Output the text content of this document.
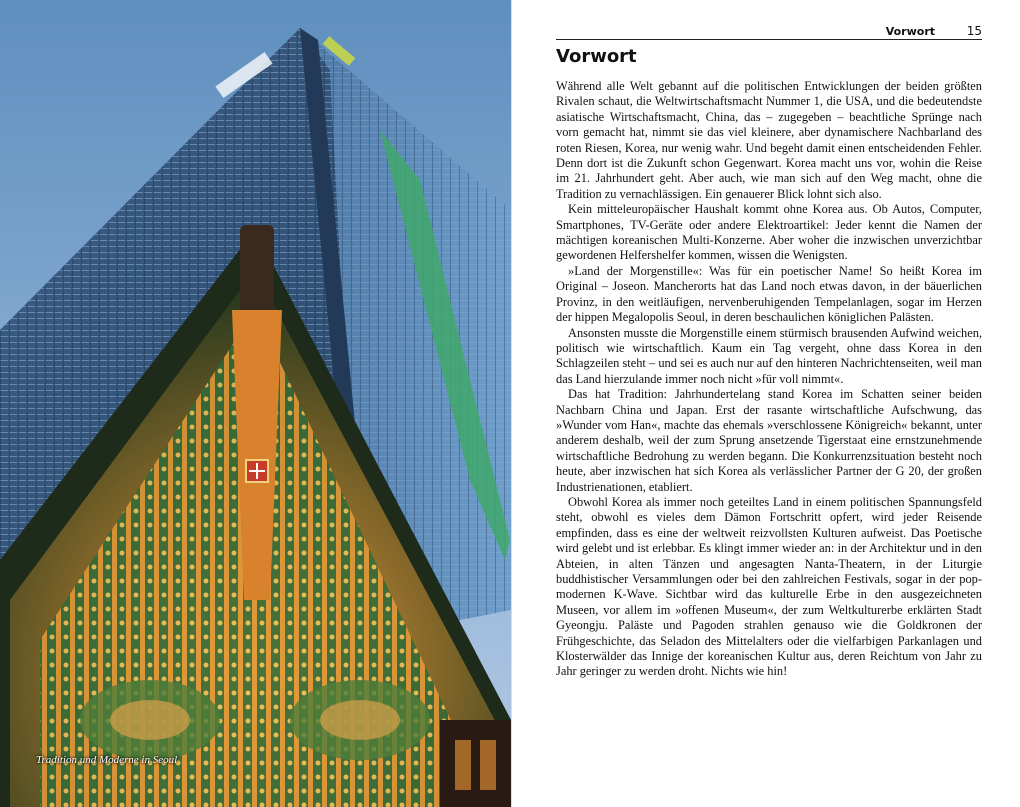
Tradition und Moderne in Seoul
Vorwort	15
Vorwort

Während alle Welt gebannt auf die politischen Entwicklungen der beiden größten Rivalen schaut, die Weltwirtschaftsmacht Nummer 1, die USA, und die bedeutendste asiatische Wirtschaftsmacht, China, das – zugegeben – beachtliche Sprünge nach vorn gemacht hat, nimmt sie das viel kleinere, aber dynamischere Nachbarland des roten Riesen, Korea, nur wenig wahr. Und begeht damit einen entscheidenden Fehler. Denn dort ist die Zukunft schon Gegenwart. Korea macht uns vor, wohin die Reise im 21. Jahrhundert geht. Aber auch, wie man sich auf den Weg macht, ohne die Tradition zu vernachlässigen. Ein genauerer Blick lohnt sich also.

Kein mitteleuropäischer Haushalt kommt ohne Korea aus. Ob Autos, Computer, Smartphones, TV-Geräte oder andere Elektroartikel: Jeder kennt die Namen der mächtigen koreanischen Multi-Konzerne. Aber woher die inzwischen unverzichtbar gewordenen Helfershelfer kommen, wissen die Wenigsten.

»Land der Morgenstille«: Was für ein poetischer Name! So heißt Korea im Original – Joseon. Mancherorts hat das Land noch etwas davon, in der bäuerlichen Provinz, in den weitläufigen, nervenberuhigenden Tempelanlagen, sogar im Herzen der hippen Megalopolis Seoul, in deren beschaulichen königlichen Palästen.

Ansonsten musste die Morgenstille einem stürmisch brausenden Aufwind weichen, politisch wie wirtschaftlich. Kaum ein Tag vergeht, ohne dass Korea in den Schlagzeilen steht – und sei es auch nur auf den hinteren Nachrichtenseiten, weil man das Land hierzulande immer noch nicht »für voll nimmt«.

Das hat Tradition: Jahrhundertelang stand Korea im Schatten seiner beiden Nachbarn China und Japan. Erst der rasante wirtschaftliche Aufschwung, das »Wunder vom Han«, machte das ehemals »verschlossene Königreich« bekannt, unter anderem deshalb, weil der zum Sprung ansetzende Tigerstaat eine ernstzunehmende wirtschaftliche Bedrohung zu werden begann. Die Konkurrenzsituation besteht noch heute, aber inzwischen hat sich Korea als verlässlicher Partner der G 20, der großen Industrienationen, etabliert.

Obwohl Korea als immer noch geteiltes Land in einem politischen Spannungsfeld steht, obwohl es vieles dem Dämon Fortschritt opfert, wird jeder Reisende empfinden, dass es eine der weltweit reizvollsten Kulturen aufweist. Das Poetische wird gelebt und ist erlebbar. Es klingt immer wieder an: in der Architektur und in den Abteien, in alten Tänzen und angesagten Nanta-Theatern, in der Liturgie buddhistischer Versammlungen oder bei den zahlreichen Festivals, sogar in der pop-modernen K-Wave. Sichtbar wird das kulturelle Erbe in den ausgezeichneten Museen, vor allem im »offenen Museum«, der zum Weltkulturerbe erklärten Stadt Gyeongju. Paläste und Pagoden strahlen genauso wie die Goldkronen der Frühgeschichte, das Seladon des Mittelalters oder die vielfarbigen Parkanlagen und Klosterwälder das Innige der koreanischen Kultur aus, deren Reichtum von Jahr zu Jahr geringer zu werden droht. Nichts wie hin!
